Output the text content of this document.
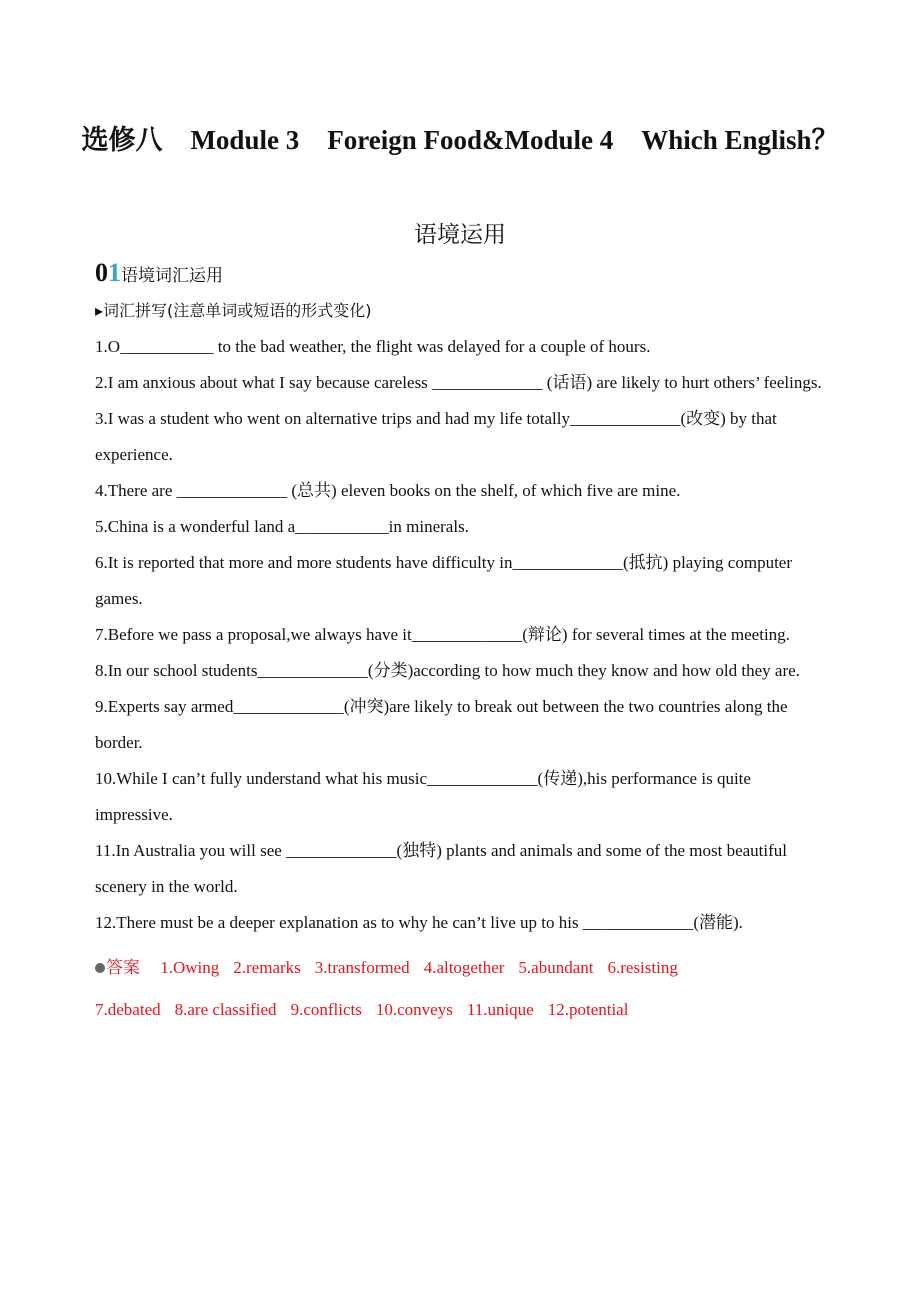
选修八 Module 3 Foreign Food&Module 4 Which English？
语境运用
01语境词汇运用
▸词汇拼写(注意单词或短语的形式变化)

1.O___________ to the bad weather, the flight was delayed for a couple of hours.

2.I am anxious about what I say because careless _____________ (话语) are likely to hurt others’ feelings.

3.I was a student who went on alternative trips and had my life totally_____________(改变) by that experience.

4.There are _____________ (总共) eleven books on the shelf, of which five are mine.

5.China is a wonderful land a___________in minerals.

6.It is reported that more and more students have difficulty in_____________(抵抗) playing computer games.

7.Before we pass a proposal,we always have it_____________(辩论) for several times at the meeting.

8.In our school students_____________(分类)according to how much they know and how old they are.

9.Experts say armed_____________(冲突)are likely to break out between the two countries along the border.

10.While I can’t fully understand what his music_____________(传递),his performance is quite impressive.

11.In Australia you will see _____________(独特) plants and animals and some of the most beautiful scenery in the world.

12.There must be a deeper explanation as to why he can’t live up to his _____________(潜能).

答案 1.Owing 2.remarks 3.transformed 4.altogether 5.abundant 6.resisting
7.debated 8.are classified 9.conflicts 10.conveys 11.unique 12.potential
